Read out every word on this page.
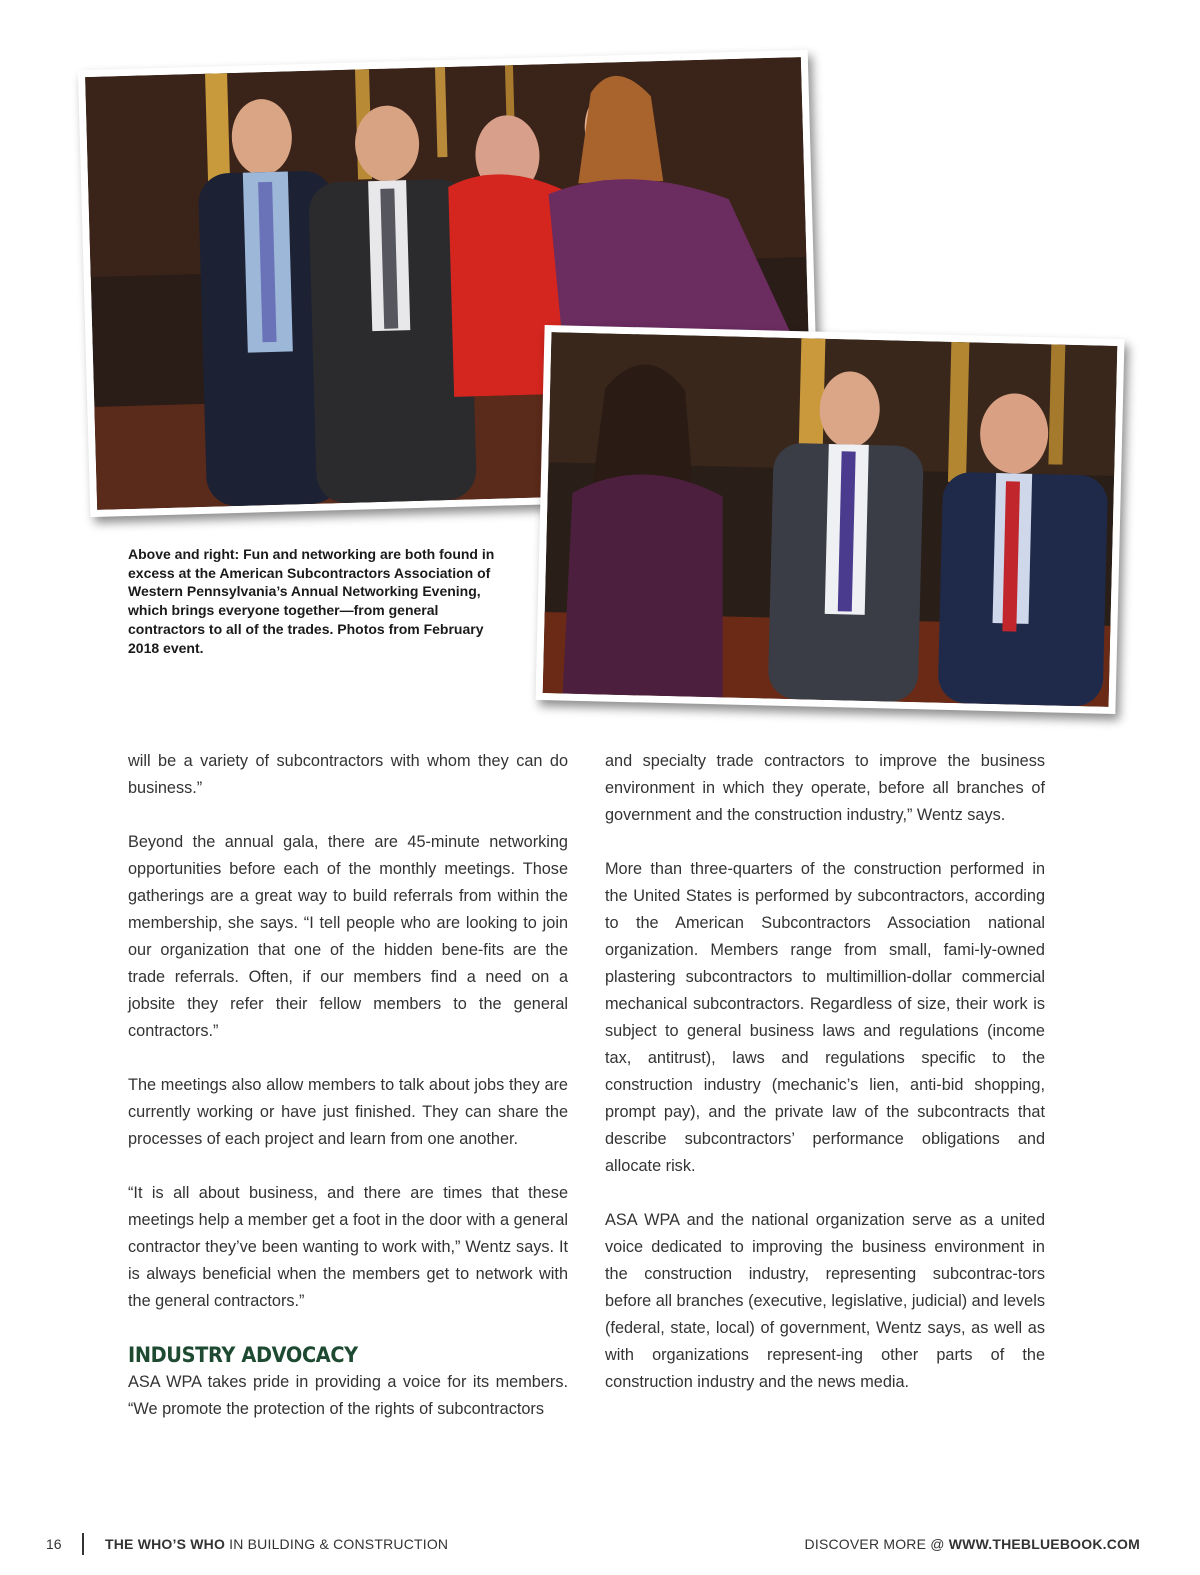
Above and right: Fun and networking are both found in excess at the American Subcontractors Association of Western Pennsylvania’s Annual Networking Evening, which brings everyone together—from general contractors to all of the trades. Photos from February 2018 event.

will be a variety of subcontractors with whom they can do business.”

Beyond the annual gala, there are 45-minute networking opportunities before each of the monthly meetings. Those gatherings are a great way to build referrals from within the membership, she says. “I tell people who are looking to join our organization that one of the hidden bene-fits are the trade referrals. Often, if our members find a need on a jobsite they refer their fellow members to the general contractors.”

The meetings also allow members to talk about jobs they are currently working or have just finished. They can share the processes of each project and learn from one another.

“It is all about business, and there are times that these meetings help a member get a foot in the door with a general contractor they’ve been wanting to work with,” Wentz says. It is always beneficial when the members get to network with the general contractors.”

INDUSTRY ADVOCACY

ASA WPA takes pride in providing a voice for its members. “We promote the protection of the rights of subcontractors

and specialty trade contractors to improve the business environment in which they operate, before all branches of government and the construction industry,” Wentz says.

More than three-quarters of the construction performed in the United States is performed by subcontractors, according to the American Subcontractors Association national organization. Members range from small, fami-ly-owned plastering subcontractors to multimillion-dollar commercial mechanical subcontractors. Regardless of size, their work is subject to general business laws and regulations (income tax, antitrust), laws and regulations specific to the construction industry (mechanic’s lien, anti-bid shopping, prompt pay), and the private law of the subcontracts that describe subcontractors’ performance obligations and allocate risk.

ASA WPA and the national organization serve as a united voice dedicated to improving the business environment in the construction industry, representing subcontrac-tors before all branches (executive, legislative, judicial) and levels (federal, state, local) of government, Wentz says, as well as with organizations represent-ing other parts of the construction industry and the news media.

16	THE WHO’S WHO IN BUILDING & CONSTRUCTION	DISCOVER MORE @ WWW.THEBLUEBOOK.COM
